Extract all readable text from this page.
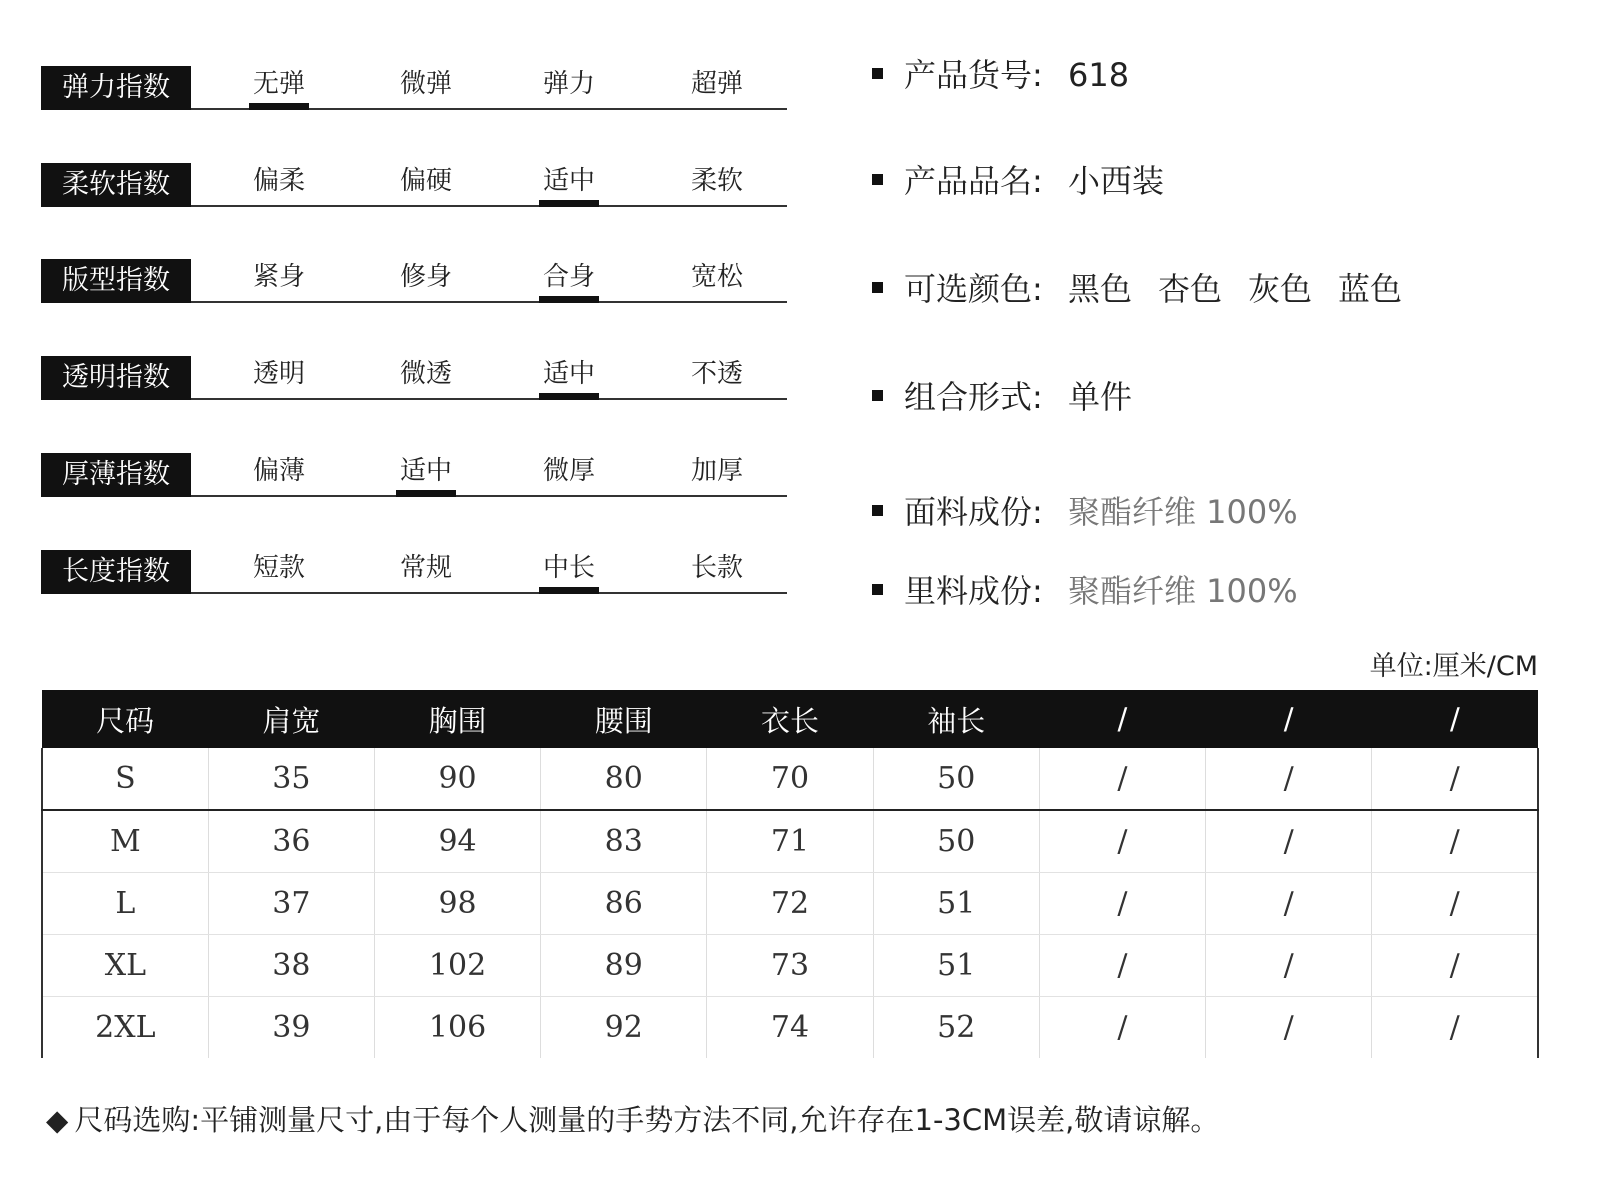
弹力指数	无弹	微弹	弹力	超弹
柔软指数	偏柔	偏硬	适中	柔软
版型指数	紧身	修身	合身	宽松
透明指数	透明	微透	适中	不透
厚薄指数	偏薄	适中	微厚	加厚
长度指数	短款	常规	中长	长款
产品货号: 618
产品品名: 小西装
可选颜色: 黑色 杏色 灰色 蓝色
组合形式: 单件
面料成份: 聚酯纤维 100%
里料成份: 聚酯纤维 100%
单位:厘米/CM
尺码	肩宽	胸围	腰围	衣长	袖长	/	/	/
S	35	90	80	70	50	/	/	/
M	36	94	83	71	50	/	/	/
L	37	98	86	72	51	/	/	/
XL	38	102	89	73	51	/	/	/
2XL	39	106	92	74	52	/	/	/
◆ 尺码选购:平铺测量尺寸,由于每个人测量的手势方法不同,允许存在1-3CM误差,敬请谅解。
